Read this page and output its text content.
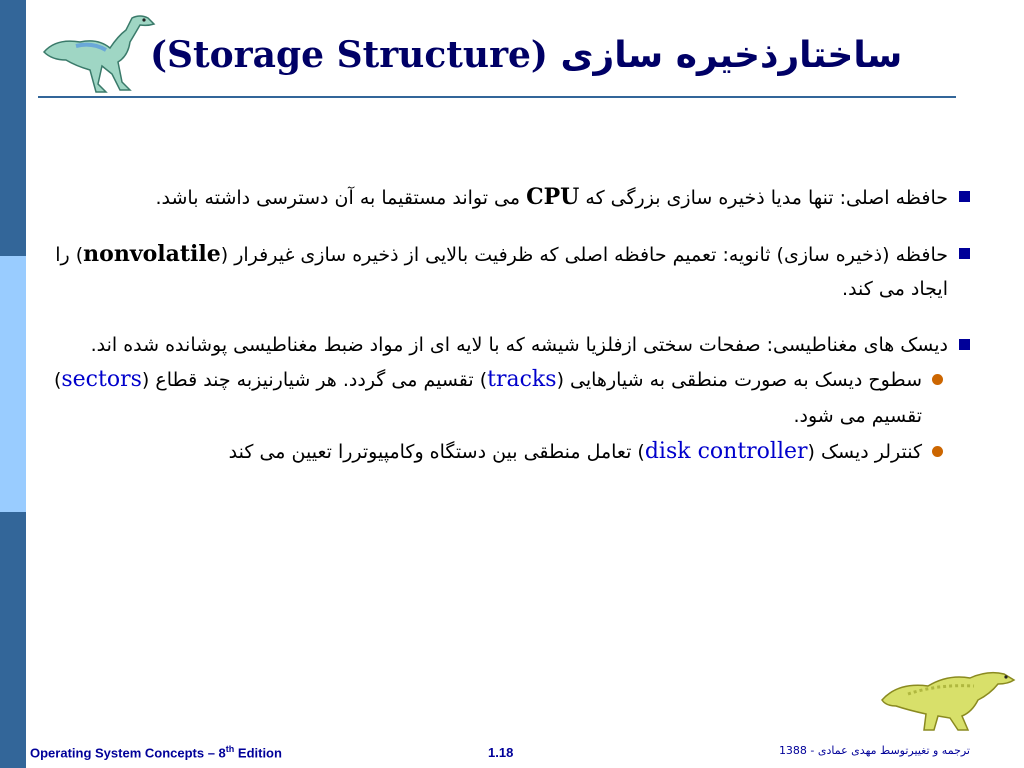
(Storage Structure) ساختارذخیره سازی
حافظه اصلی: تنها مدیا ذخیره سازی بزرگی که CPU می تواند مستقیما به آن دسترسی داشته باشد.
حافظه (ذخیره سازی) ثانویه: تعمیم حافظه اصلی که ظرفیت بالایی از ذخیره سازی غیرفرار (nonvolatile) را ایجاد می کند.
دیسک های مغناطیسی: صفحات سختی ازفلزیا شیشه که با لایه ای از مواد ضبط مغناطیسی پوشانده شده اند.
سطوح دیسک به صورت منطقی به شیارهایی (tracks) تقسیم می گردد. هر شیارنیزبه چند قطاع (sectors) تقسیم می شود.
کنترلر دیسک (disk controller) تعامل منطقی بین دستگاه وکامپیوتررا تعیین می کند
Operating System Concepts – 8th Edition	1.18	ترجمه و تغییرتوسط مهدی عمادی - 1388
